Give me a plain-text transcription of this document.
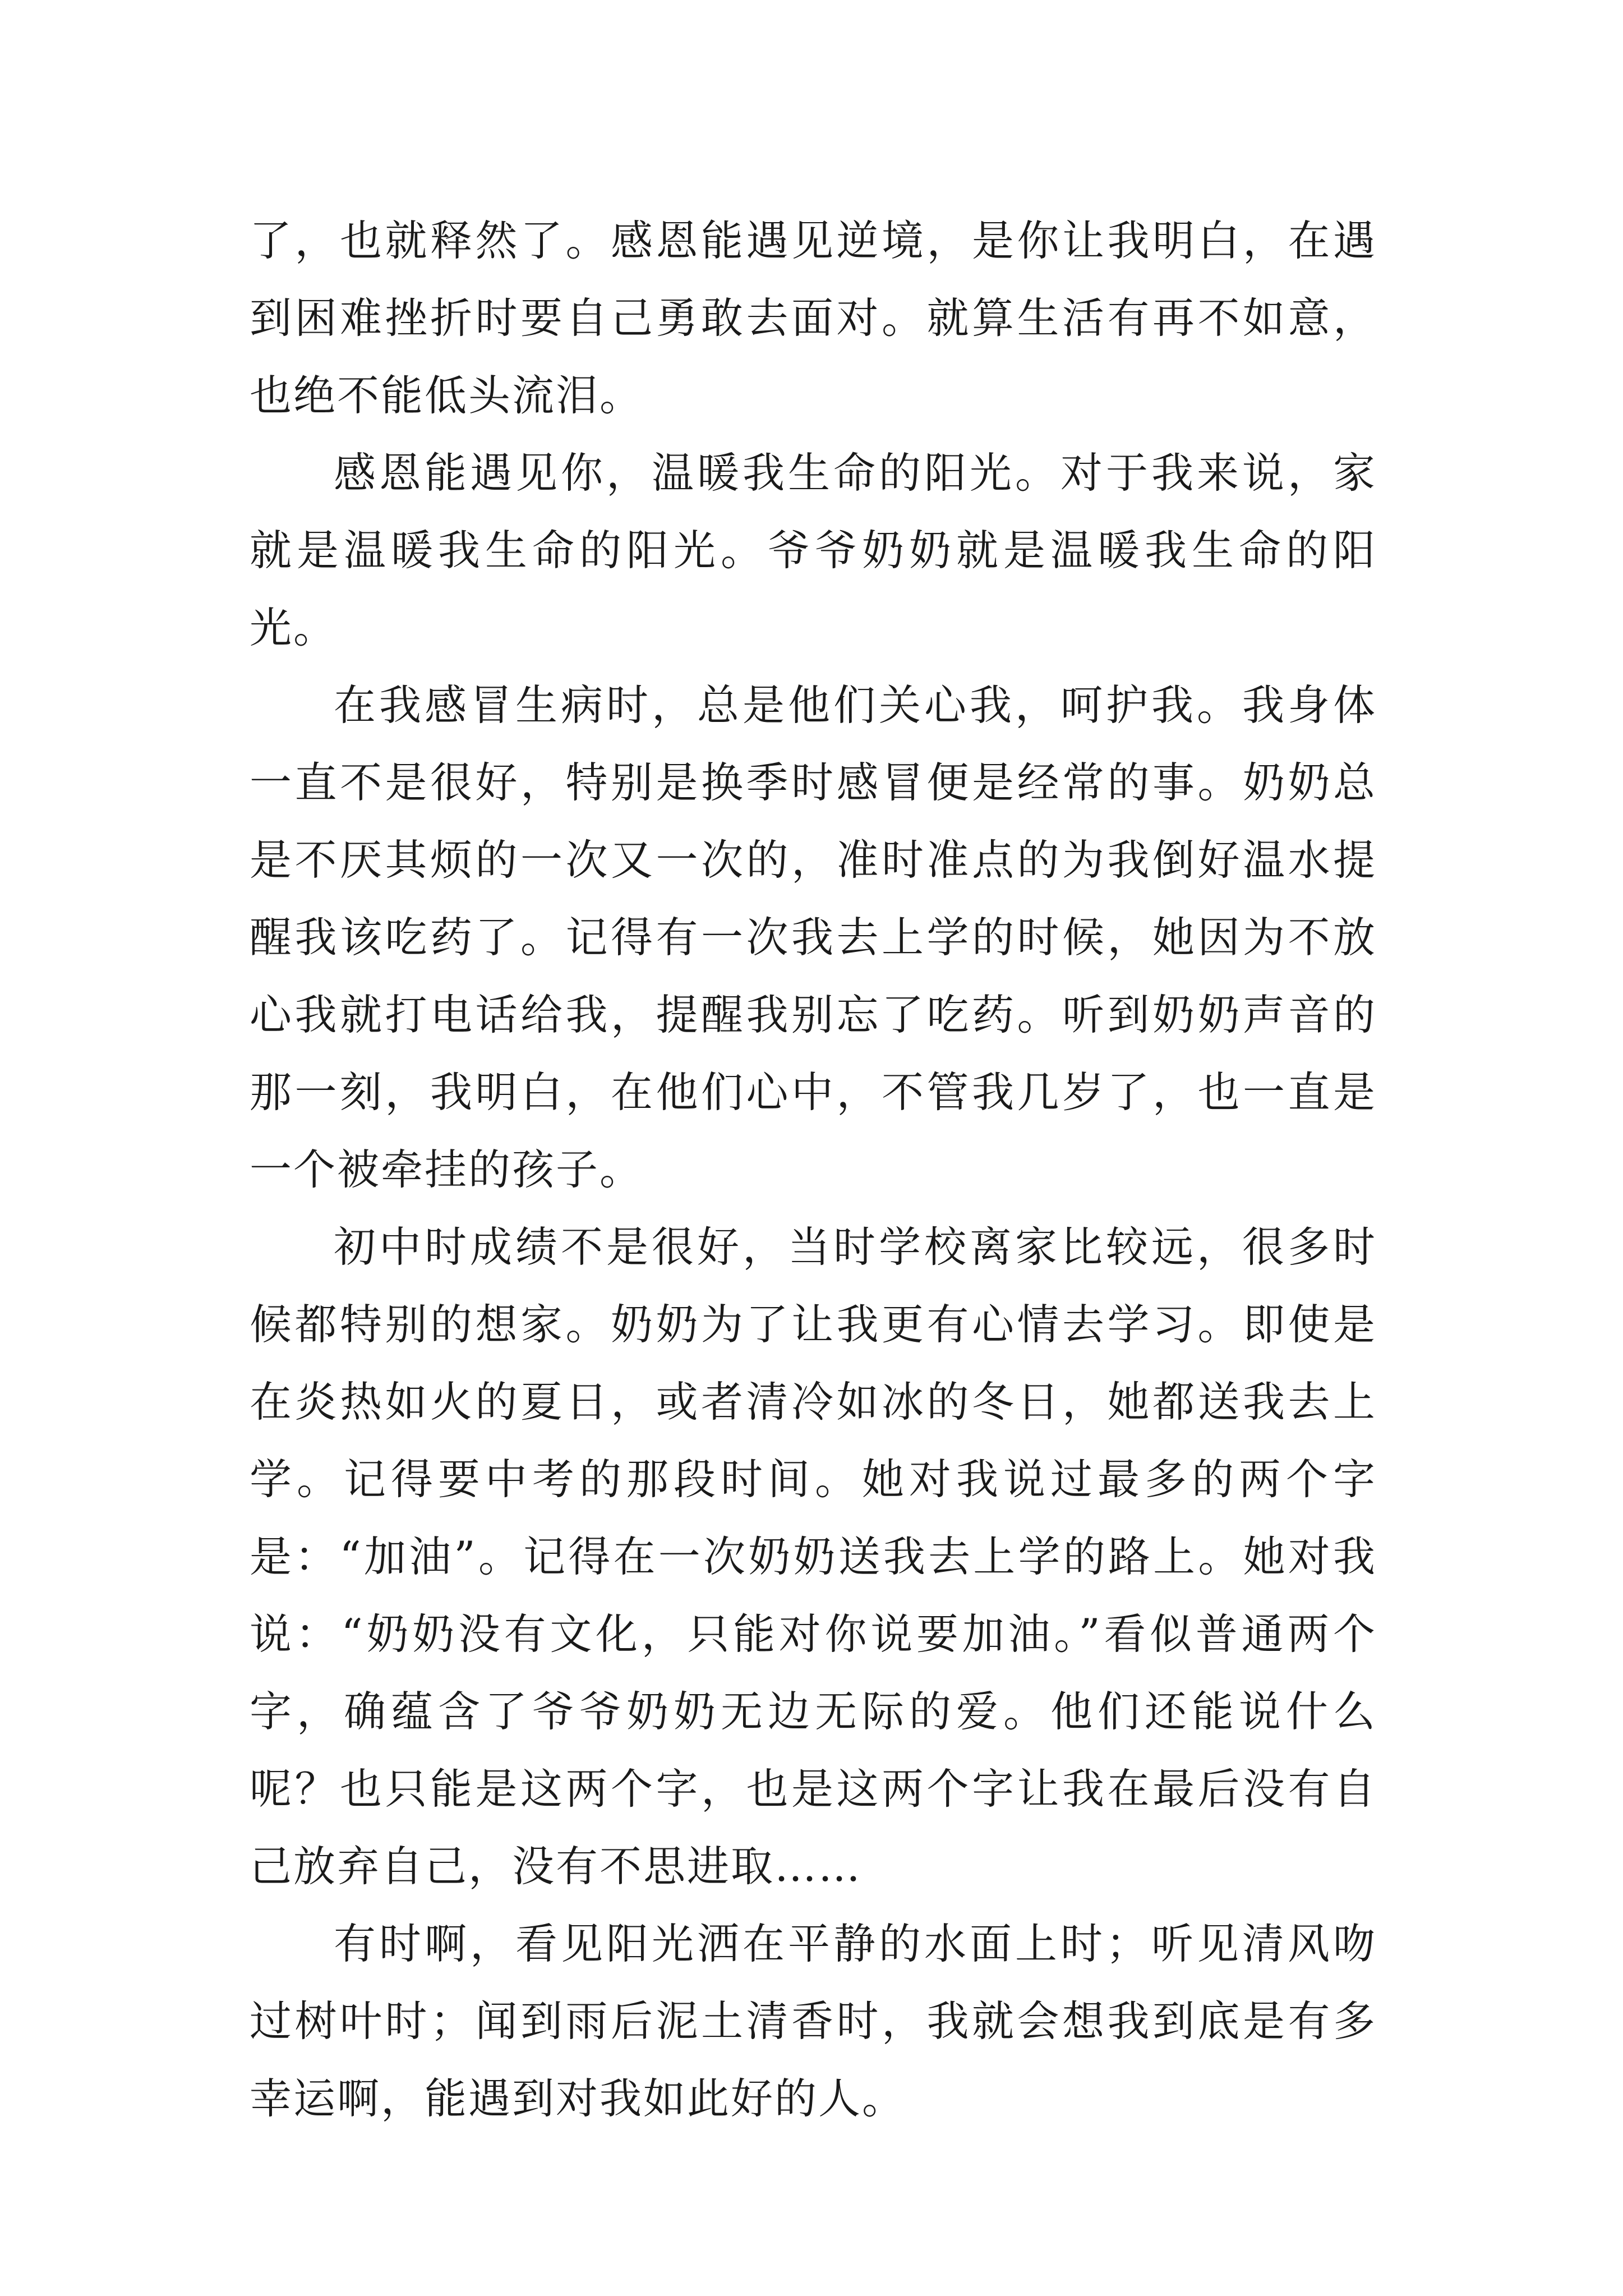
了，也就释然了。感恩能遇见逆境，是你让我明白，在遇到困难挫折时要自己勇敢去面对。就算生活有再不如意，也绝不能低头流泪。

感恩能遇见你，温暖我生命的阳光。对于我来说，家就是温暖我生命的阳光。爷爷奶奶就是温暖我生命的阳光。

在我感冒生病时，总是他们关心我，呵护我。我身体一直不是很好，特别是换季时感冒便是经常的事。奶奶总是不厌其烦的一次又一次的，准时准点的为我倒好温水提醒我该吃药了。记得有一次我去上学的时候，她因为不放心我就打电话给我，提醒我别忘了吃药。听到奶奶声音的那一刻，我明白，在他们心中，不管我几岁了，也一直是一个被牵挂的孩子。

初中时成绩不是很好，当时学校离家比较远，很多时候都特别的想家。奶奶为了让我更有心情去学习。即使是在炎热如火的夏日，或者清冷如冰的冬日，她都送我去上学。记得要中考的那段时间。她对我说过最多的两个字是：“加油”。记得在一次奶奶送我去上学的路上。她对我说：“奶奶没有文化，只能对你说要加油。”看似普通两个字，确蕴含了爷爷奶奶无边无际的爱。他们还能说什么呢？也只能是这两个字，也是这两个字让我在最后没有自己放弃自己，没有不思进取……

有时啊，看见阳光洒在平静的水面上时；听见清风吻过树叶时；闻到雨后泥土清香时，我就会想我到底是有多幸运啊，能遇到对我如此好的人。
